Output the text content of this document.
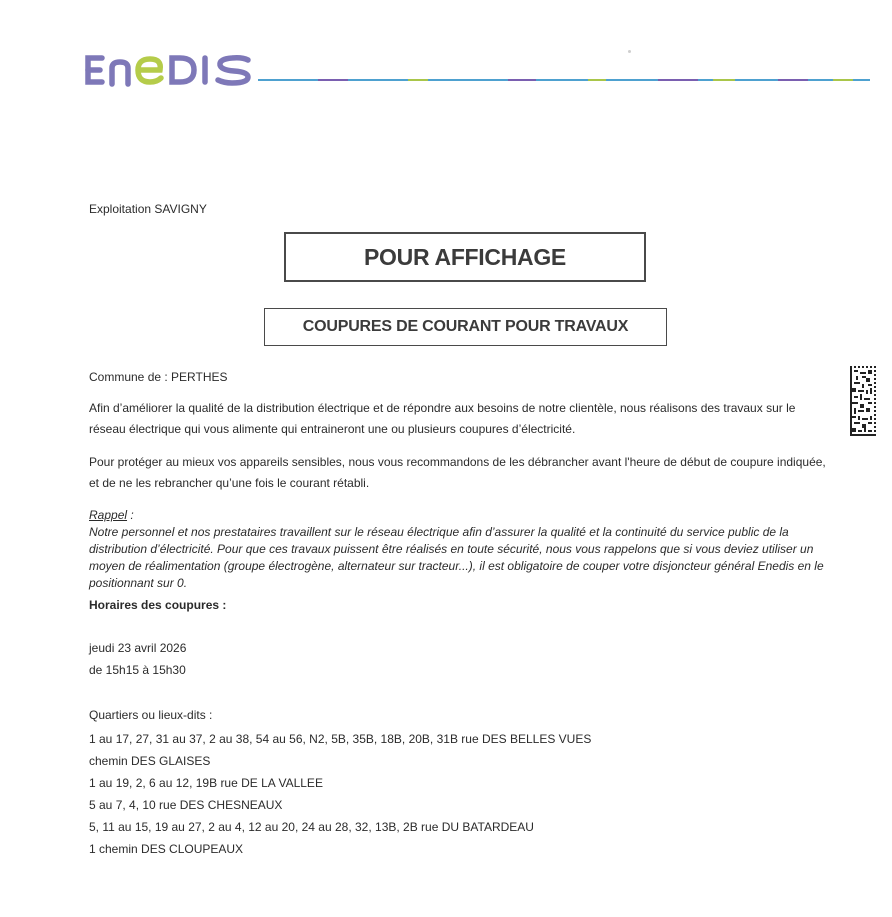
Exploitation SAVIGNY
POUR AFFICHAGE
COUPURES DE COURANT POUR TRAVAUX
Commune de : PERTHES
Afin d’améliorer la qualité de la distribution électrique et de répondre aux besoins de notre clientèle, nous réalisons des travaux sur le réseau électrique qui vous alimente qui entraineront une ou plusieurs coupures d’électricité.
Pour protéger au mieux vos appareils sensibles, nous vous recommandons de les débrancher avant l'heure de début de coupure indiquée, et de ne les rebrancher qu’une fois le courant rétabli.
Rappel :
Notre personnel et nos prestataires travaillent sur le réseau électrique afin d’assurer la qualité et la continuité du service public de la distribution d’électricité. Pour que ces travaux puissent être réalisés en toute sécurité, nous vous rappelons que si vous deviez utiliser un moyen de réalimentation (groupe électrogène, alternateur sur tracteur...), il est obligatoire de couper votre disjoncteur général Enedis en le positionnant sur 0.
Horaires des coupures :
jeudi 23 avril 2026
de 15h15 à 15h30
Quartiers ou lieux-dits :
1 au 17, 27, 31 au 37, 2 au 38, 54 au 56, N2, 5B, 35B, 18B, 20B, 31B rue DES BELLES VUES
chemin DES GLAISES
1 au 19, 2, 6 au 12, 19B rue DE LA VALLEE
5 au 7, 4, 10 rue DES CHESNEAUX
5, 11 au 15, 19 au 27, 2 au 4, 12 au 20, 24 au 28, 32, 13B, 2B rue DU BATARDEAU
1 chemin DES CLOUPEAUX
